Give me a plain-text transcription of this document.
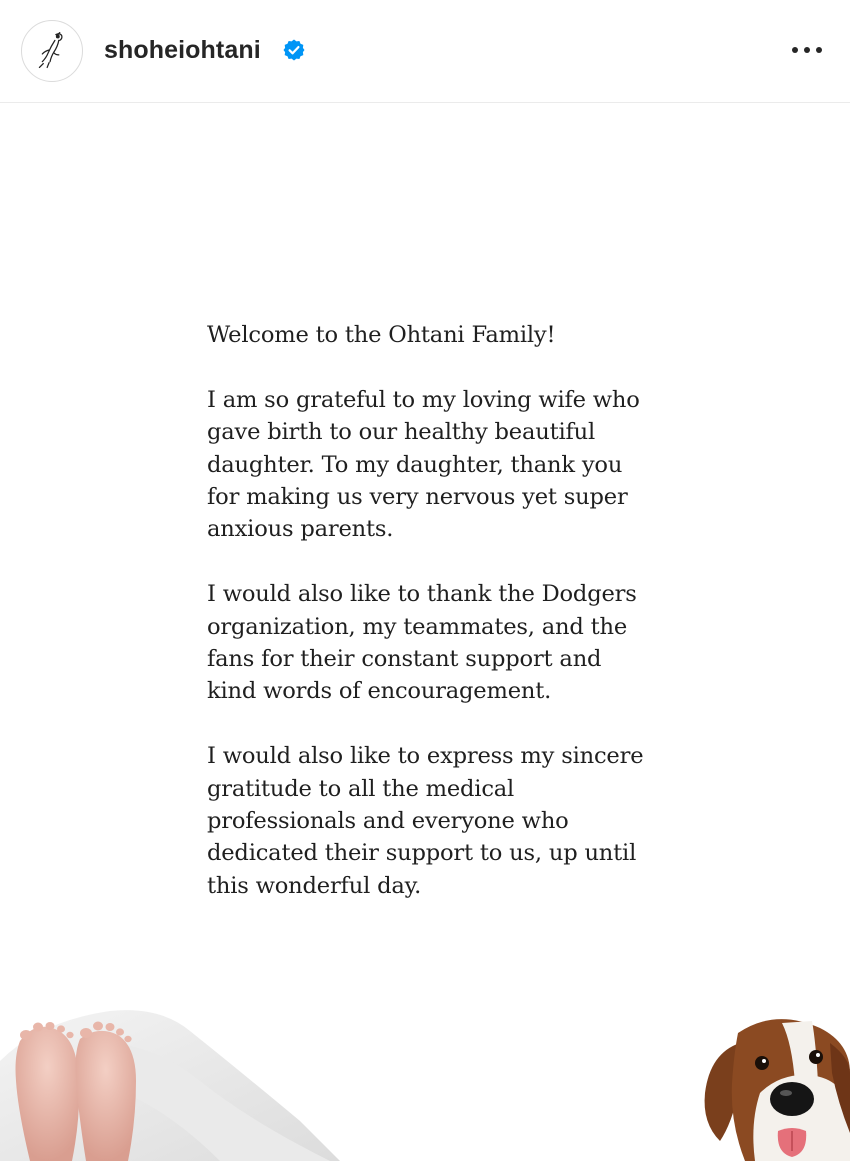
shoheiohtani

Welcome to the Ohtani Family!

I am so grateful to my loving wife who
gave birth to our healthy beautiful
daughter. To my daughter, thank you
for making us very nervous yet super
anxious parents.

I would also like to thank the Dodgers
organization, my teammates, and the
fans for their constant support and
kind words of encouragement.

I would also like to express my sincere
gratitude to all the medical
professionals and everyone who
dedicated their support to us, up until
this wonderful day.
